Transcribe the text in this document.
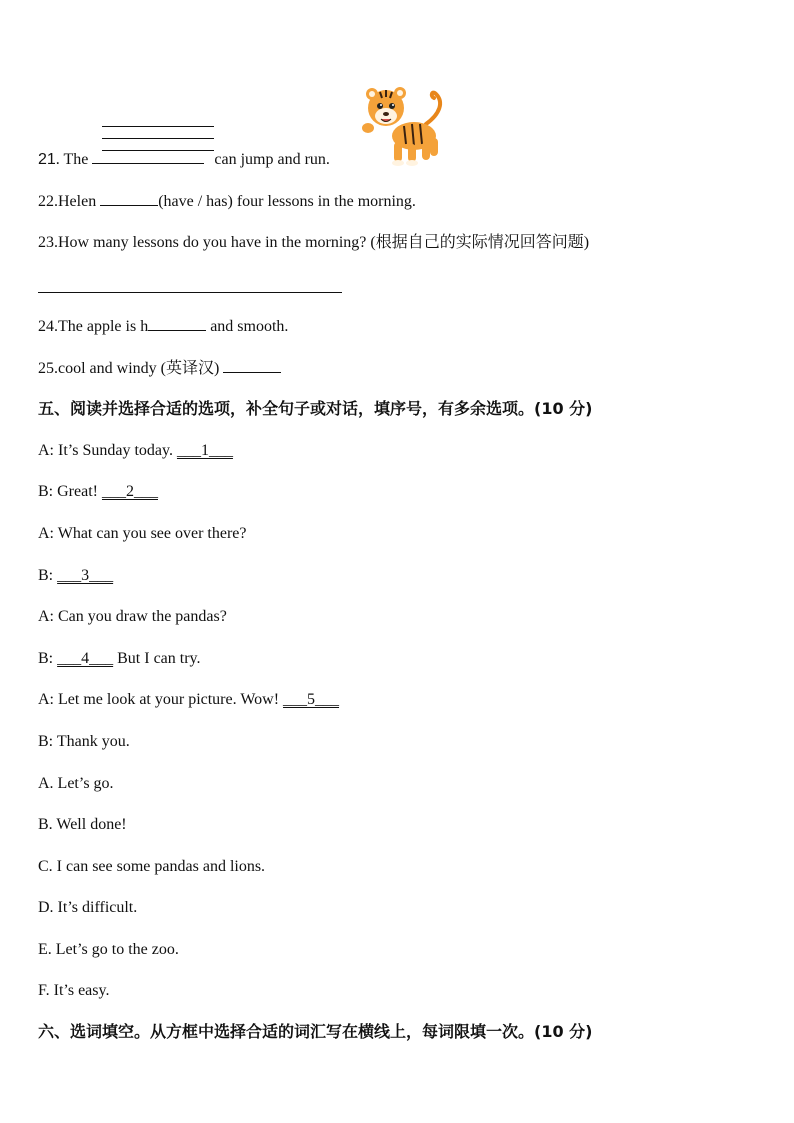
21. The	can jump and run.
22.Helen	(have / has) four lessons in the morning.
23.How many lessons do you have in the morning? (根据自己的实际情况回答问题)
24.The apple is h	and smooth.
25.cool and windy (英译汉)
五、阅读并选择合适的选项，补全句子或对话，填序号，有多余选项。(10 分)
A: It’s Sunday today. ___1___
B: Great! ___2___
A: What can you see over there?
B: ___3___
A: Can you draw the pandas?
B: ___4___ But I can try.
A: Let me look at your picture. Wow! ___5___
B: Thank you.
A. Let’s go.
B. Well done!
C. I can see some pandas and lions.
D. It’s difficult.
E. Let’s go to the zoo.
F. It’s easy.
六、选词填空。从方框中选择合适的词汇写在横线上，每词限填一次。(10 分)
